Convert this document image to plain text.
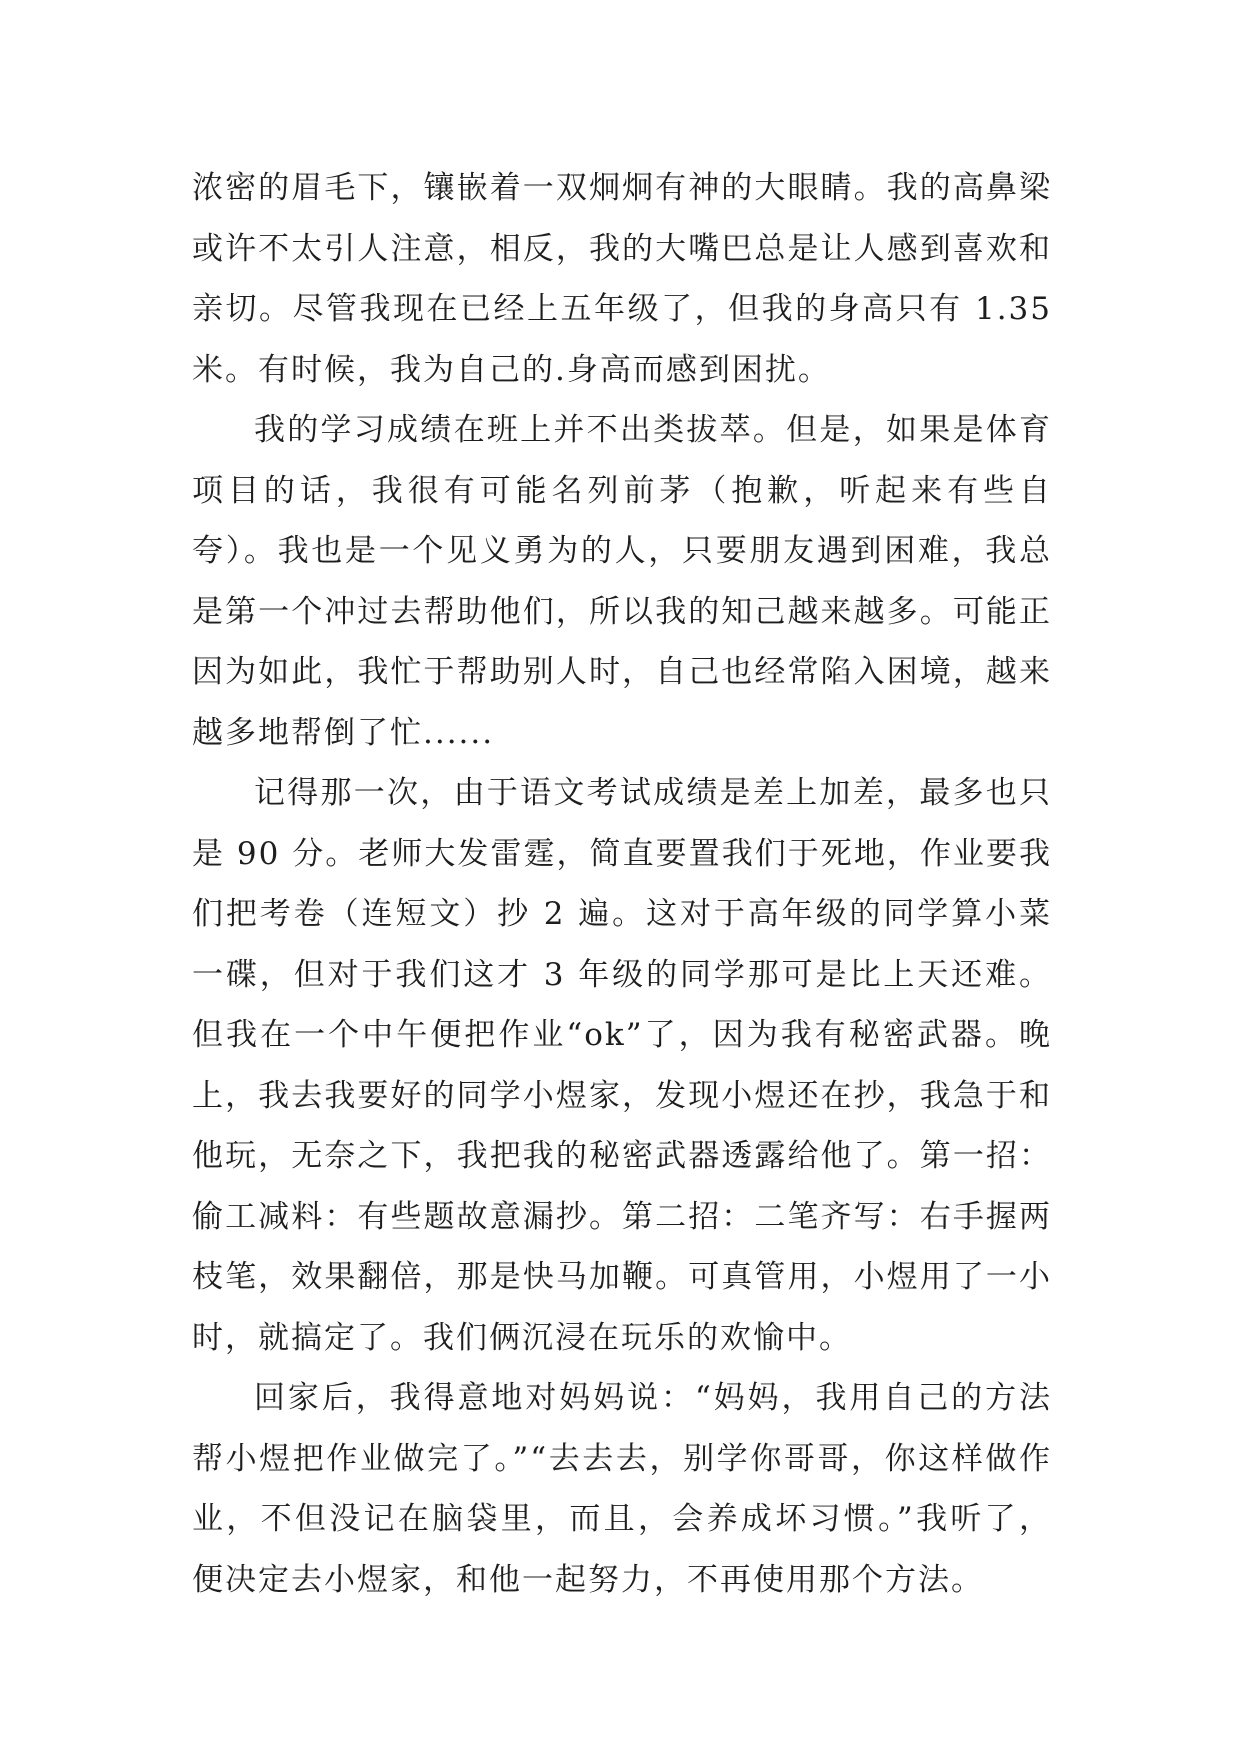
浓密的眉毛下，镶嵌着一双炯炯有神的大眼睛。我的高鼻梁或许不太引人注意，相反，我的大嘴巴总是让人感到喜欢和亲切。尽管我现在已经上五年级了，但我的身高只有 1.35 米。有时候，我为自己的.身高而感到困扰。

我的学习成绩在班上并不出类拔萃。但是，如果是体育项目的话，我很有可能名列前茅（抱歉，听起来有些自夸）。我也是一个见义勇为的人，只要朋友遇到困难，我总是第一个冲过去帮助他们，所以我的知己越来越多。可能正因为如此，我忙于帮助别人时，自己也经常陷入困境，越来越多地帮倒了忙......

记得那一次，由于语文考试成绩是差上加差，最多也只是 90 分。老师大发雷霆，简直要置我们于死地，作业要我们把考卷（连短文）抄 2 遍。这对于高年级的同学算小菜一碟，但对于我们这才 3 年级的同学那可是比上天还难。但我在一个中午便把作业“ok”了，因为我有秘密武器。晚上，我去我要好的同学小煜家，发现小煜还在抄，我急于和他玩，无奈之下，我把我的秘密武器透露给他了。第一招：偷工减料：有些题故意漏抄。第二招：二笔齐写：右手握两枝笔，效果翻倍，那是快马加鞭。可真管用，小煜用了一小时，就搞定了。我们俩沉浸在玩乐的欢愉中。

回家后，我得意地对妈妈说：“妈妈，我用自己的方法帮小煜把作业做完了。”“去去去，别学你哥哥，你这样做作业，不但没记在脑袋里，而且，会养成坏习惯。”我听了，便决定去小煜家，和他一起努力，不再使用那个方法。
